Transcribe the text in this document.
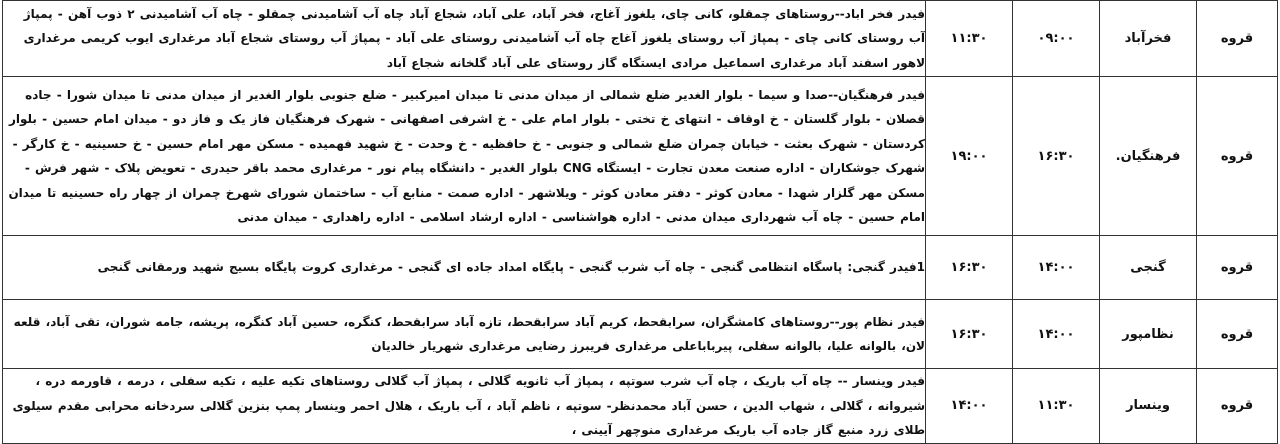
قروه	فخرآباد	۰۹:۰۰	۱۱:۳۰	فیدر فخر اباد--روستاهای چمقلو، کانی چای، یلغوز آغاج، فخر آباد، علی آباد، شجاع آباد چاه آب آشامیدنی چمقلو - چاه آب آشامیدنی ۲ ذوب آهن - پمپاژ آب روستای کانی چای - پمپاژ آب روستای یلغوز آغاج چاه آب آشامیدنی روستای علی آباد - پمپاژ آب روستای شجاع آباد مرغداری ایوب کریمی مرغداری لاهور اسفند آباد مرغداری اسماعیل مرادی ایستگاه گاز روستای علی آباد گلخانه شجاع آباد
قروه	فرهنگیان.	۱۶:۳۰	۱۹:۰۰	فیدر فرهنگیان--صدا و سیما - بلوار الغدیر ضلع شمالی از میدان مدنی تا میدان امیرکبیر - ضلع جنوبی بلوار الغدیر از میدان مدنی تا میدان شورا - جاده قصلان - بلوار گلستان - خ اوقاف - انتهای خ تختی - بلوار امام علی - خ اشرفی اصفهانی - شهرک فرهنگیان فاز یک و فاز دو - میدان امام حسین - بلوار کردستان - شهرک بعثت - خیابان چمران ضلع شمالی و جنوبی - خ حافظیه - خ وحدت - خ شهید فهمیده - مسکن مهر امام حسین - خ حسینیه - خ کارگر - شهرک جوشکاران - اداره صنعت معدن تجارت - ایستگاه CNG بلوار الغدیر - دانشگاه پیام نور - مرغداری محمد باقر حیدری - تعویض پلاک - شهر فرش - مسکن مهر گلزار شهدا - معادن کوثر - دفتر معادن کوثر - ویلاشهر - اداره صمت - منابع آب - ساختمان شورای شهرخ چمران از چهار راه حسینیه تا میدان امام حسین - چاه آب شهرداری میدان مدنی - اداره هواشناسی - اداره ارشاد اسلامی - اداره راهداری - میدان مدنی
قروه	گنجی	۱۴:۰۰	۱۶:۳۰	1فیدر گنجی: پاسگاه انتظامی گنجی - چاه آب شرب گنجی - پایگاه امداد جاده ای گنجی - مرغداری کروت پایگاه بسیج شهید ورمقانی گنجی
قروه	نظامپور	۱۴:۰۰	۱۶:۳۰	فیدر نظام پور--روستاهای کامشگران، سرابقحط، کریم آباد سرابقحط، تازه آباد سرابقحط، کنگره، حسین آباد کنگره، پریشه، جامه شوران، تقی آباد، قلعه لان، بالوانه علیا، بالوانه سفلی، پیربابا‌علی مرغداری فریبرز رضایی مرغداری شهریار خالدیان
قروه	وینسار	۱۱:۳۰	۱۴:۰۰	فیدر وینسار -- چاه آب باریک ، چاه آب شرب سوتپه ، پمپاژ آب ثانویه گلالی ، پمپاژ آب گلالی روستاهای تکیه علیه ، تکیه سفلی ، درمه ، قاورمه دره ، شیروانه ، گلالی ، شهاب الدین ، حسن آباد محمدنظر- سوتپه ، ناظم آباد ، آب باریک ، هلال احمر وینسار پمپ بنزین گلالی سردخانه محرابی مقدم سیلوی طلای زرد منبع گاز جاده آب باریک مرغداری منوچهر آیینی ،
